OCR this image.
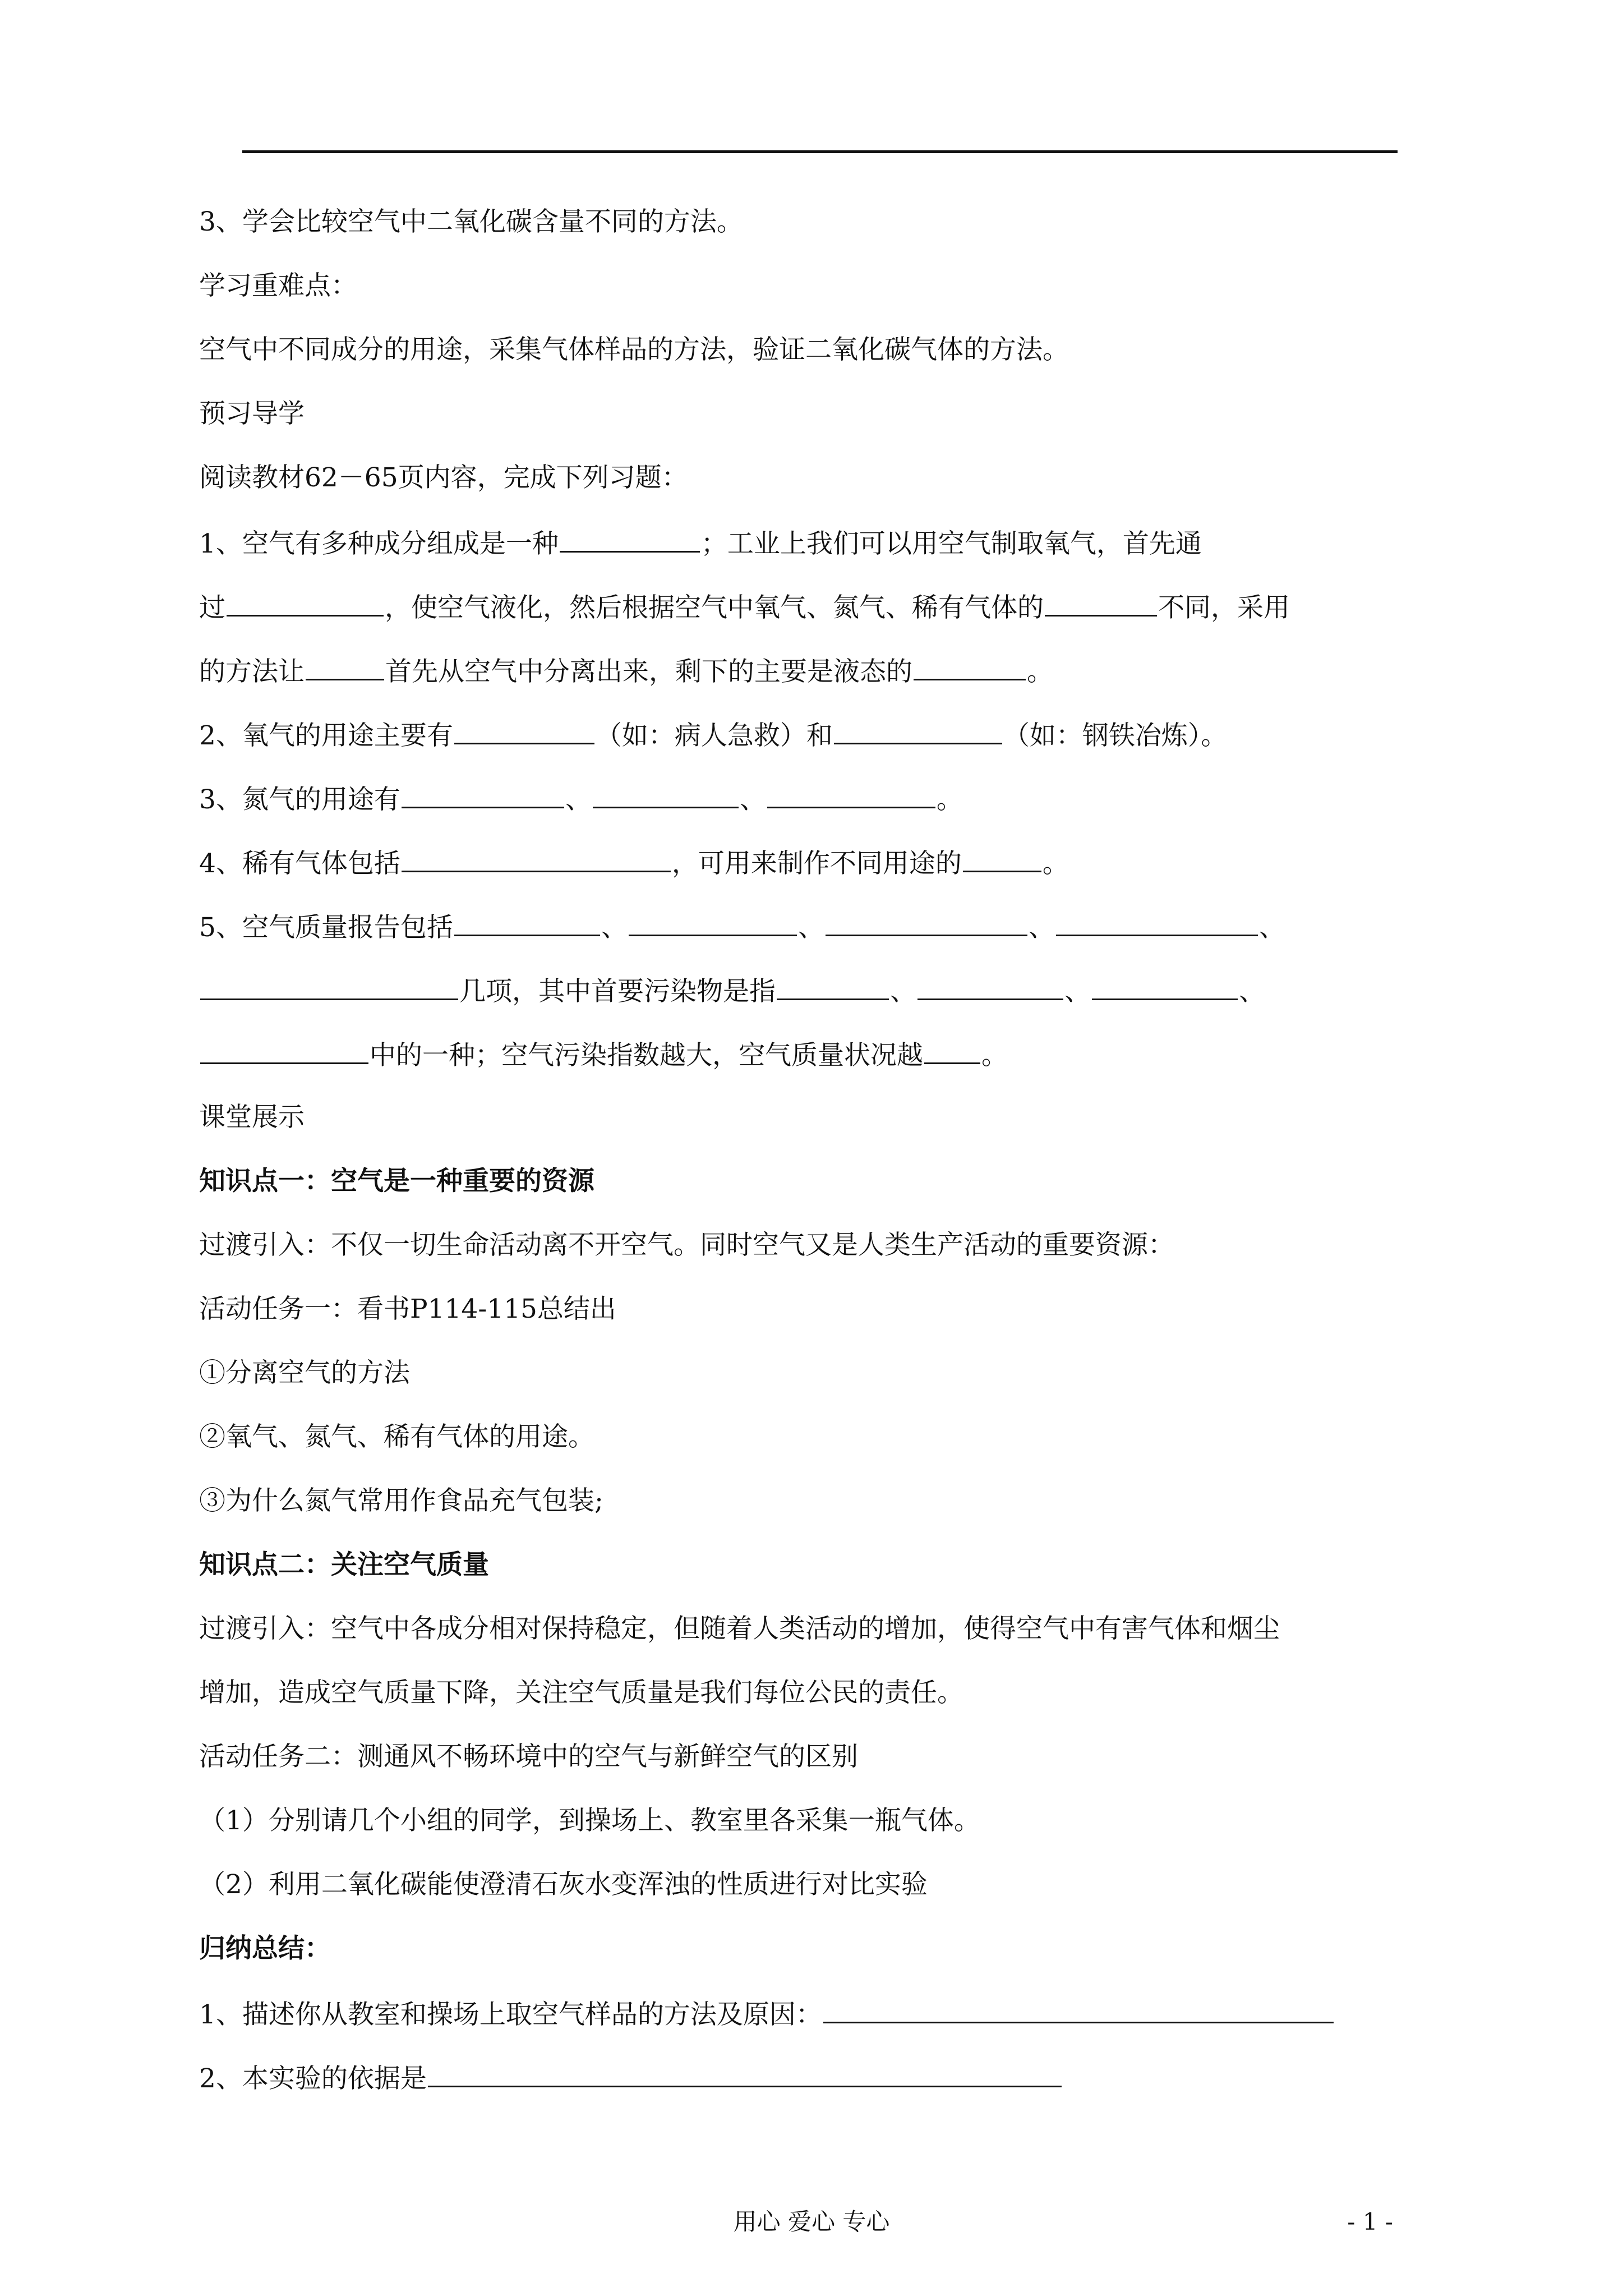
3、学会比较空气中二氧化碳含量不同的方法。
学习重难点：
空气中不同成分的用途，采集气体样品的方法，验证二氧化碳气体的方法。
预习导学
阅读教材62－65页内容，完成下列习题：
1、空气有多种成分组成是一种	；工业上我们可以用空气制取氧气，首先通
过	，使空气液化，然后根据空气中氧气、氮气、稀有气体的	不同，采用
的方法让	首先从空气中分离出来，剩下的主要是液态的	。
2、氧气的用途主要有	（如：病人急救）和	（如：钢铁冶炼）。
3、氮气的用途有	、	、	。
4、稀有气体包括	，可用来制作不同用途的	。
5、空气质量报告包括	、	、	、	、
几项，其中首要污染物是指	、	、	、
中的一种；空气污染指数越大，空气质量状况越 。
课堂展示
知识点一：空气是一种重要的资源
过渡引入：不仅一切生命活动离不开空气。同时空气又是人类生产活动的重要资源：
活动任务一：看书P114-115总结出
①分离空气的方法
②氧气、氮气、稀有气体的用途。
③为什么氮气常用作食品充气包装;
知识点二：关注空气质量
过渡引入：空气中各成分相对保持稳定，但随着人类活动的增加，使得空气中有害气体和烟尘
增加，造成空气质量下降，关注空气质量是我们每位公民的责任。
活动任务二：测通风不畅环境中的空气与新鲜空气的区别
（1）分别请几个小组的同学，到操场上、教室里各采集一瓶气体。
（2）利用二氧化碳能使澄清石灰水变浑浊的性质进行对比实验
归纳总结：
1、描述你从教室和操场上取空气样品的方法及原因：
2、本实验的依据是
用心 爱心 专心	- 1 -
